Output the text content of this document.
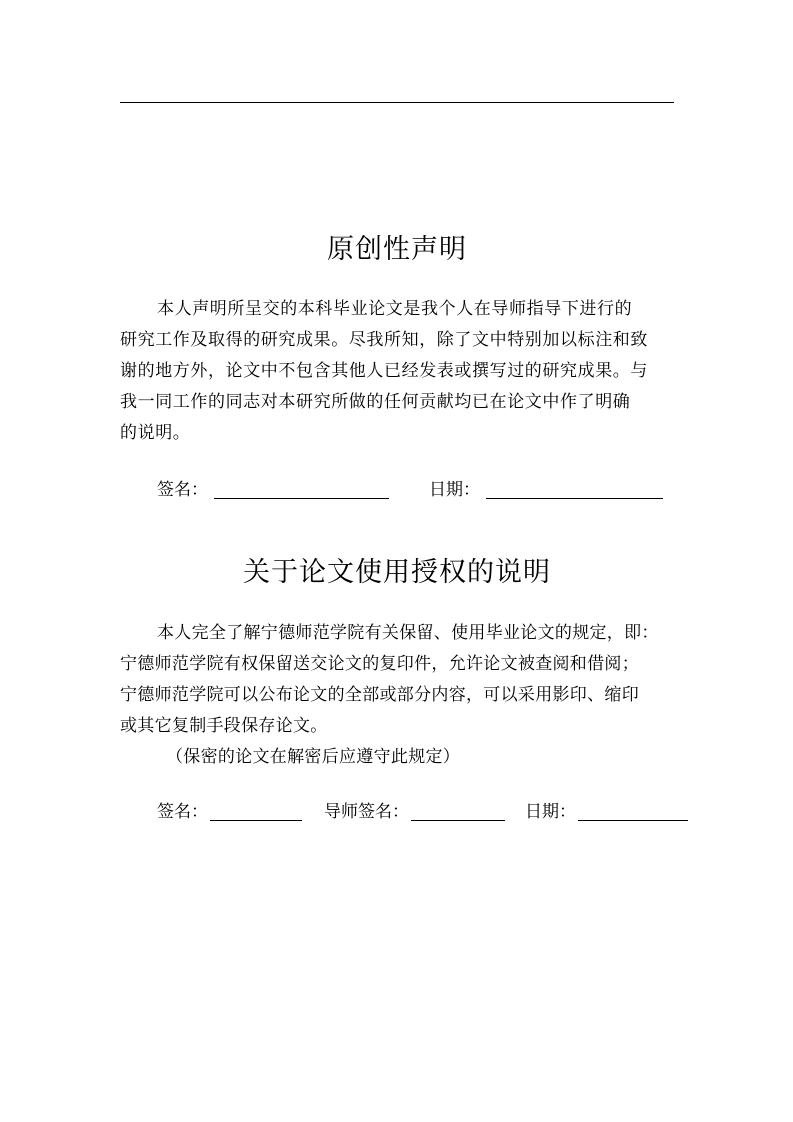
原创性声明
本人声明所呈交的本科毕业论文是我个人在导师指导下进行的
研究工作及取得的研究成果。尽我所知，除了文中特别加以标注和致
谢的地方外，论文中不包含其他人已经发表或撰写过的研究成果。与
我一同工作的同志对本研究所做的任何贡献均已在论文中作了明确
的说明。
签名：	日期：
关于论文使用授权的说明
本人完全了解宁德师范学院有关保留、使用毕业论文的规定，即：
宁德师范学院有权保留送交论文的复印件，允许论文被查阅和借阅；
宁德师范学院可以公布论文的全部或部分内容，可以采用影印、缩印
或其它复制手段保存论文。
（保密的论文在解密后应遵守此规定）
签名：	导师签名：	日期：
